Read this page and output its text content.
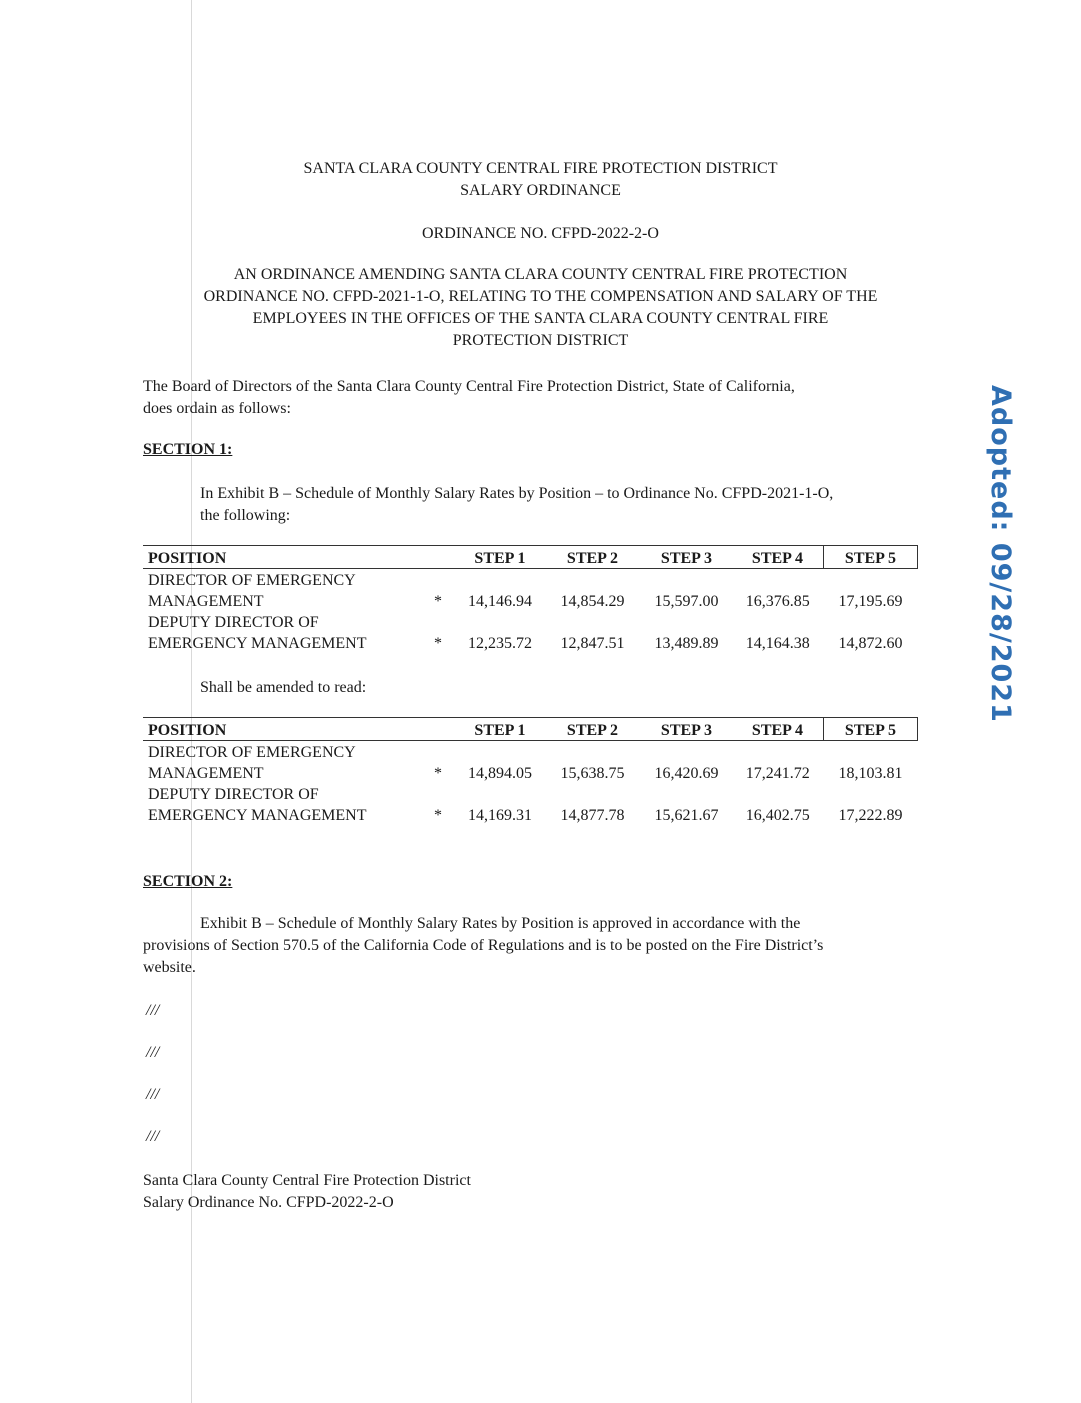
SANTA CLARA COUNTY CENTRAL FIRE PROTECTION DISTRICT
SALARY ORDINANCE
ORDINANCE NO. CFPD-2022-2-O
AN ORDINANCE AMENDING SANTA CLARA COUNTY CENTRAL FIRE PROTECTION
ORDINANCE NO. CFPD-2021-1-O, RELATING TO THE COMPENSATION AND SALARY OF THE
EMPLOYEES IN THE OFFICES OF THE SANTA CLARA COUNTY CENTRAL FIRE
PROTECTION DISTRICT
The Board of Directors of the Santa Clara County Central Fire Protection District, State of California,
does ordain as follows:
SECTION 1:
In Exhibit B – Schedule of Monthly Salary Rates by Position – to Ordinance No. CFPD-2021-1-O,
the following:
POSITION		STEP 1	STEP 2	STEP 3	STEP 4	STEP 5
DIRECTOR OF EMERGENCY						
MANAGEMENT	*	14,146.94	14,854.29	15,597.00	16,376.85	17,195.69
DEPUTY DIRECTOR OF						
EMERGENCY MANAGEMENT	*	12,235.72	12,847.51	13,489.89	14,164.38	14,872.60
Shall be amended to read:
POSITION		STEP 1	STEP 2	STEP 3	STEP 4	STEP 5
DIRECTOR OF EMERGENCY						
MANAGEMENT	*	14,894.05	15,638.75	16,420.69	17,241.72	18,103.81
DEPUTY DIRECTOR OF						
EMERGENCY MANAGEMENT	*	14,169.31	14,877.78	15,621.67	16,402.75	17,222.89
SECTION 2:
Exhibit B – Schedule of Monthly Salary Rates by Position is approved in accordance with the
provisions of Section 570.5 of the California Code of Regulations and is to be posted on the Fire District’s
website.
///
///
///
///
Santa Clara County Central Fire Protection District
Salary Ordinance No. CFPD-2022-2-O
Adopted: 09/28/2021
